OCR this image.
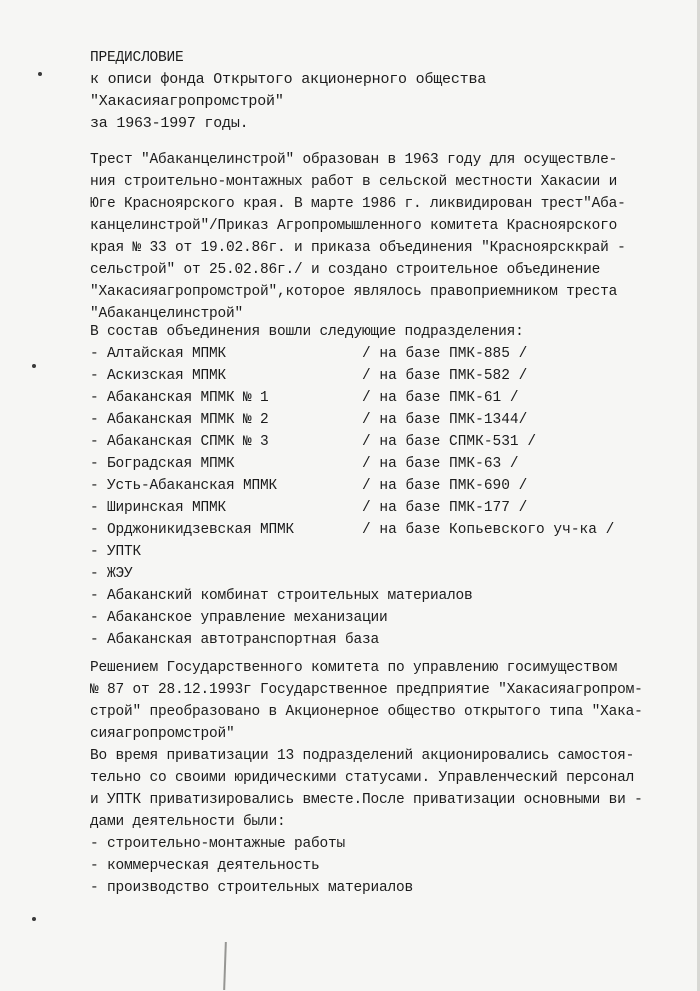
ПРЕДИСЛОВИЕ
к описи фонда Открытого акционерного общества
"Хакасияагропромстрой"
за 1963-1997 годы.
Трест "Абаканцелинстрой" образован в 1963 году для осуществле-
ния строительно-монтажных работ в сельской местности Хакасии и
Юге Красноярского края. В марте 1986 г. ликвидирован трест"Аба-
канцелинстрой"/Приказ Агропромышленного комитета Красноярского
края № 33 от 19.02.86г. и приказа объединения "Красноярсккрай -
сельстрой" от 25.02.86г./ и создано строительное объединение
"Хакасияагропромстрой",которое являлось правоприемником треста
"Абаканцелинстрой"
В состав объединения вошли следующие подразделения:
- Алтайская МПМК	/ на базе ПМК-885 /
- Аскизская МПМК	/ на базе ПМК-582 /
- Абаканская МПМК № 1	/ на базе ПМК-61 /
- Абаканская МПМК № 2	/ на базе ПМК-1344/
- Абаканская СПМК № 3	/ на базе СПМК-531 /
- Боградская МПМК	/ на базе ПМК-63 /
- Усть-Абаканская МПМК	/ на базе ПМК-690 /
- Ширинская МПМК	/ на базе ПМК-177 /
- Орджоникидзевская МПМК	/ на базе Копьевского уч-ка /
- УПТК
- ЖЭУ
- Абаканский комбинат строительных материалов
- Абаканское управление механизации
- Абаканская автотранспортная база
Решением Государственного комитета по управлению госимуществом
№ 87 от 28.12.1993г Государственное предприятие "Хакасияагропром-
строй" преобразовано в Акционерное общество открытого типа "Хака-
сияагропромстрой"
Во время приватизации 13 подразделений акционировались самостоя-
тельно со своими юридическими статусами. Управленческий персонал
и УПТК приватизировались вместе.После приватизации основными ви -
дами деятельности были:
- строительно-монтажные работы
- коммерческая деятельность
- производство строительных материалов
